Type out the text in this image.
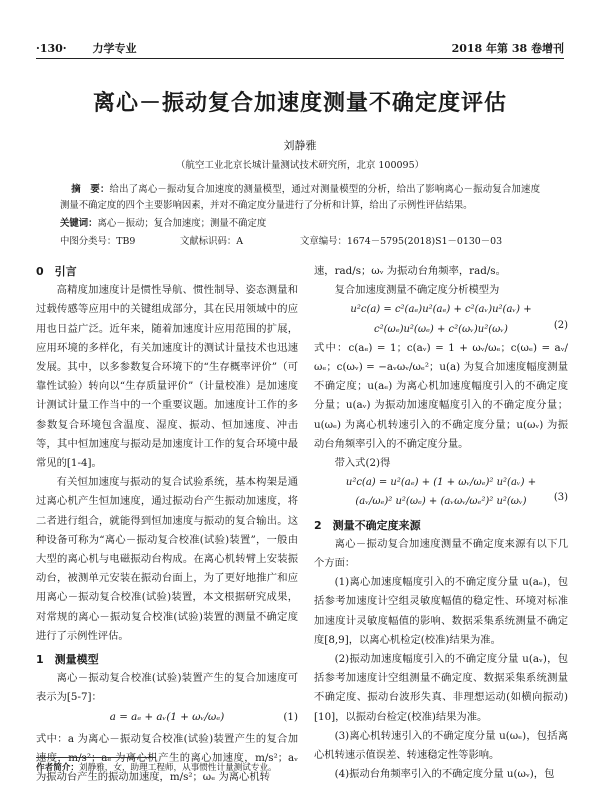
·130· 力学专业	2018 年第 38 卷增刊
离心－振动复合加速度测量不确定度评估
刘静雅
（航空工业北京长城计量测试技术研究所，北京 100095）
摘　要：给出了离心－振动复合加速度的测量模型，通过对测量模型的分析，给出了影响离心－振动复合加速度测量不确定度的四个主要影响因素，并对不确定度分量进行了分析和计算，给出了示例性评估结果。
关键词：离心－振动；复合加速度；测量不确定度
中图分类号：TB9	文献标识码：A	文章编号：1674－5795(2018)S1－0130－03

0　引言

高精度加速度计是惯性导航、惯性制导、姿态测量和过载传感等应用中的关键组成部分，其在民用领域中的应用也日益广泛。近年来，随着加速度计应用范围的扩展，应用环境的多样化，有关加速度计的测试计量技术也迅速发展。其中，以多参数复合环境下的“生存概率评价”（可靠性试验）转向以“生存质量评价”（计量校准）是加速度计测试计量工作当中的一个重要议题。加速度计工作的多参数复合环境包含温度、湿度、振动、恒加速度、冲击等，其中恒加速度与振动是加速度计工作的复合环境中最常见的[1-4]。

有关恒加速度与振动的复合试验系统，基本构架是通过离心机产生恒加速度，通过振动台产生振动加速度，将二者进行组合，就能得到恒加速度与振动的复合输出。这种设备可称为“离心－振动复合校准(试验)装置”，一般由大型的离心机与电磁振动台构成。在离心机转臂上安装振动台，被测单元安装在振动台面上，为了更好地推广和应用离心－振动复合校准(试验)装置，本文根据研究成果，对常规的离心－振动复合校准(试验)装置的测量不确定度进行了示例性评估。

1　测量模型

离心－振动复合校准(试验)装置产生的复合加速度可表示为[5-7]：

a = aₑ + aᵥ(1 + ωᵥ/ωₑ)	(1)

式中：a 为离心－振动复合校准(试验)装置产生的复合加速度，m/s²；aₑ 为离心机产生的离心加速度，m/s²；aᵥ 为振动台产生的振动加速度，m/s²；ωₑ 为离心机转

速，rad/s；ωᵥ 为振动台角频率，rad/s。

复合加速度测量不确定度分析模型为

u²c(a) = c²(aₑ)u²(aₑ) + c²(aᵥ)u²(aᵥ) +
c²(ωₑ)u²(ωₑ) + c²(ωᵥ)u²(ωᵥ)	(2)

式中：c(aₑ) = 1；c(aᵥ) = 1 + ωᵥ/ωₑ；c(ωₑ) = aᵥ/ωₑ；c(ωᵥ) = −aᵥωᵥ/ωₑ²；u(a) 为复合加速度幅度测量不确定度；u(aₑ) 为离心机加速度幅度引入的不确定度分量；u(aᵥ) 为振动加速度幅度引入的不确定度分量；u(ωₑ) 为离心机转速引入的不确定度分量；u(ωᵥ) 为振动台角频率引入的不确定度分量。

带入式(2)得

u²c(a) = u²(aₑ) + (1 + ωᵥ/ωₑ)² u²(aᵥ) +
(aᵥ/ωₑ)² u²(ωₑ) + (aᵥωᵥ/ωₑ²)² u²(ωᵥ)	(3)

2　测量不确定度来源

离心－振动复合加速度测量不确定度来源有以下几个方面：

(1)离心加速度幅度引入的不确定度分量 u(aₑ)，包括参考加速度计空组灵敏度幅值的稳定性、环境对标准加速度计灵敏度幅值的影响、数据采集系统测量不确定度[8,9]，以离心机检定(校准)结果为准。

(2)振动加速度幅度引入的不确定度分量 u(aᵥ)，包括参考加速度计空组测量不确定度、数据采集系统测量不确定度、振动台波形失真、非理想运动(如横向振动)[10]，以振动台检定(校准)结果为准。

(3)离心机转速引入的不确定度分量 u(ωₑ)，包括离心机转速示值误差、转速稳定性等影响。

(4)振动台角频率引入的不确定度分量 u(ωᵥ)，包

作者简介：刘静雅，女，助理工程师，从事惯性计量测试专业。
